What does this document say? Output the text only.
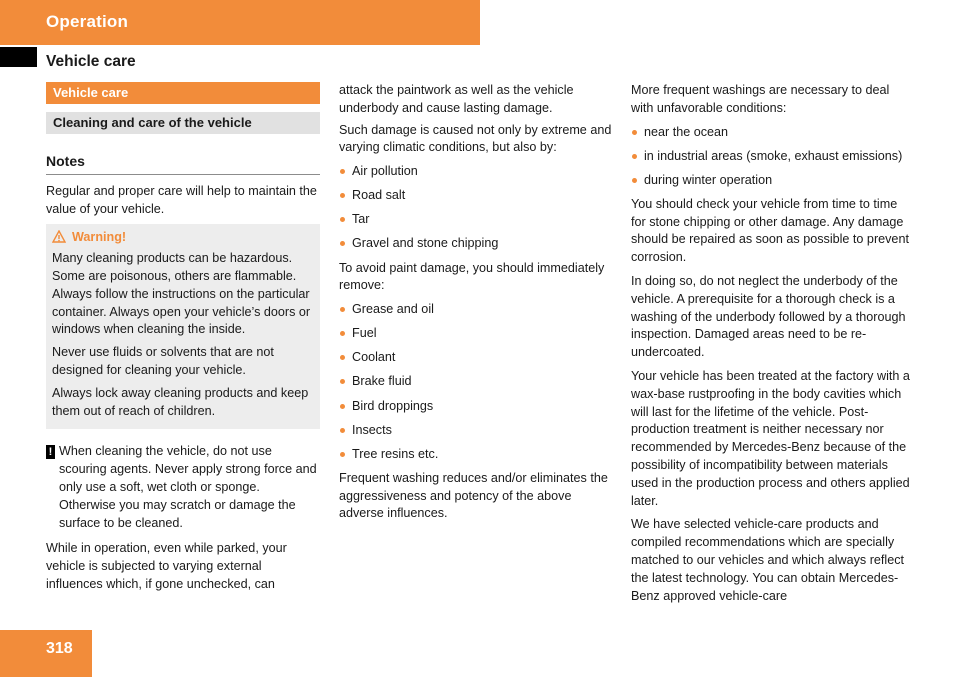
Operation
Vehicle care
Vehicle care
Cleaning and care of the vehicle
Notes

Regular and proper care will help to maintain the value of your vehicle.

Warning!

Many cleaning products can be hazardous. Some are poisonous, others are flammable. Always follow the instructions on the particular container. Always open your vehicle’s doors or windows when cleaning the inside.

Never use fluids or solvents that are not designed for cleaning your vehicle.

Always lock away cleaning products and keep them out of reach of children.

! When cleaning the vehicle, do not use scouring agents. Never apply strong force and only use a soft, wet cloth or sponge. Otherwise you may scratch or damage the surface to be cleaned.

While in operation, even while parked, your vehicle is subjected to varying external influences which, if gone unchecked, can

attack the paintwork as well as the vehicle underbody and cause lasting damage.

Such damage is caused not only by extreme and varying climatic conditions, but also by:

Air pollution
Road salt
Tar
Gravel and stone chipping

To avoid paint damage, you should immediately remove:

Grease and oil
Fuel
Coolant
Brake fluid
Bird droppings
Insects
Tree resins etc.

Frequent washing reduces and/or eliminates the aggressiveness and potency of the above adverse influences.

More frequent washings are necessary to deal with unfavorable conditions:

near the ocean
in industrial areas (smoke, exhaust emissions)
during winter operation

You should check your vehicle from time to time for stone chipping or other damage. Any damage should be repaired as soon as possible to prevent corrosion.

In doing so, do not neglect the underbody of the vehicle. A prerequisite for a thorough check is a washing of the underbody followed by a thorough inspection. Damaged areas need to be re-undercoated.

Your vehicle has been treated at the factory with a wax-base rustproofing in the body cavities which will last for the lifetime of the vehicle. Post-production treatment is neither necessary nor recommended by Mercedes-Benz because of the possibility of incompatibility between materials used in the production process and others applied later.

We have selected vehicle-care products and compiled recommendations which are specially matched to our vehicles and which always reflect the latest technology. You can obtain Mercedes-Benz approved vehicle-care

318
